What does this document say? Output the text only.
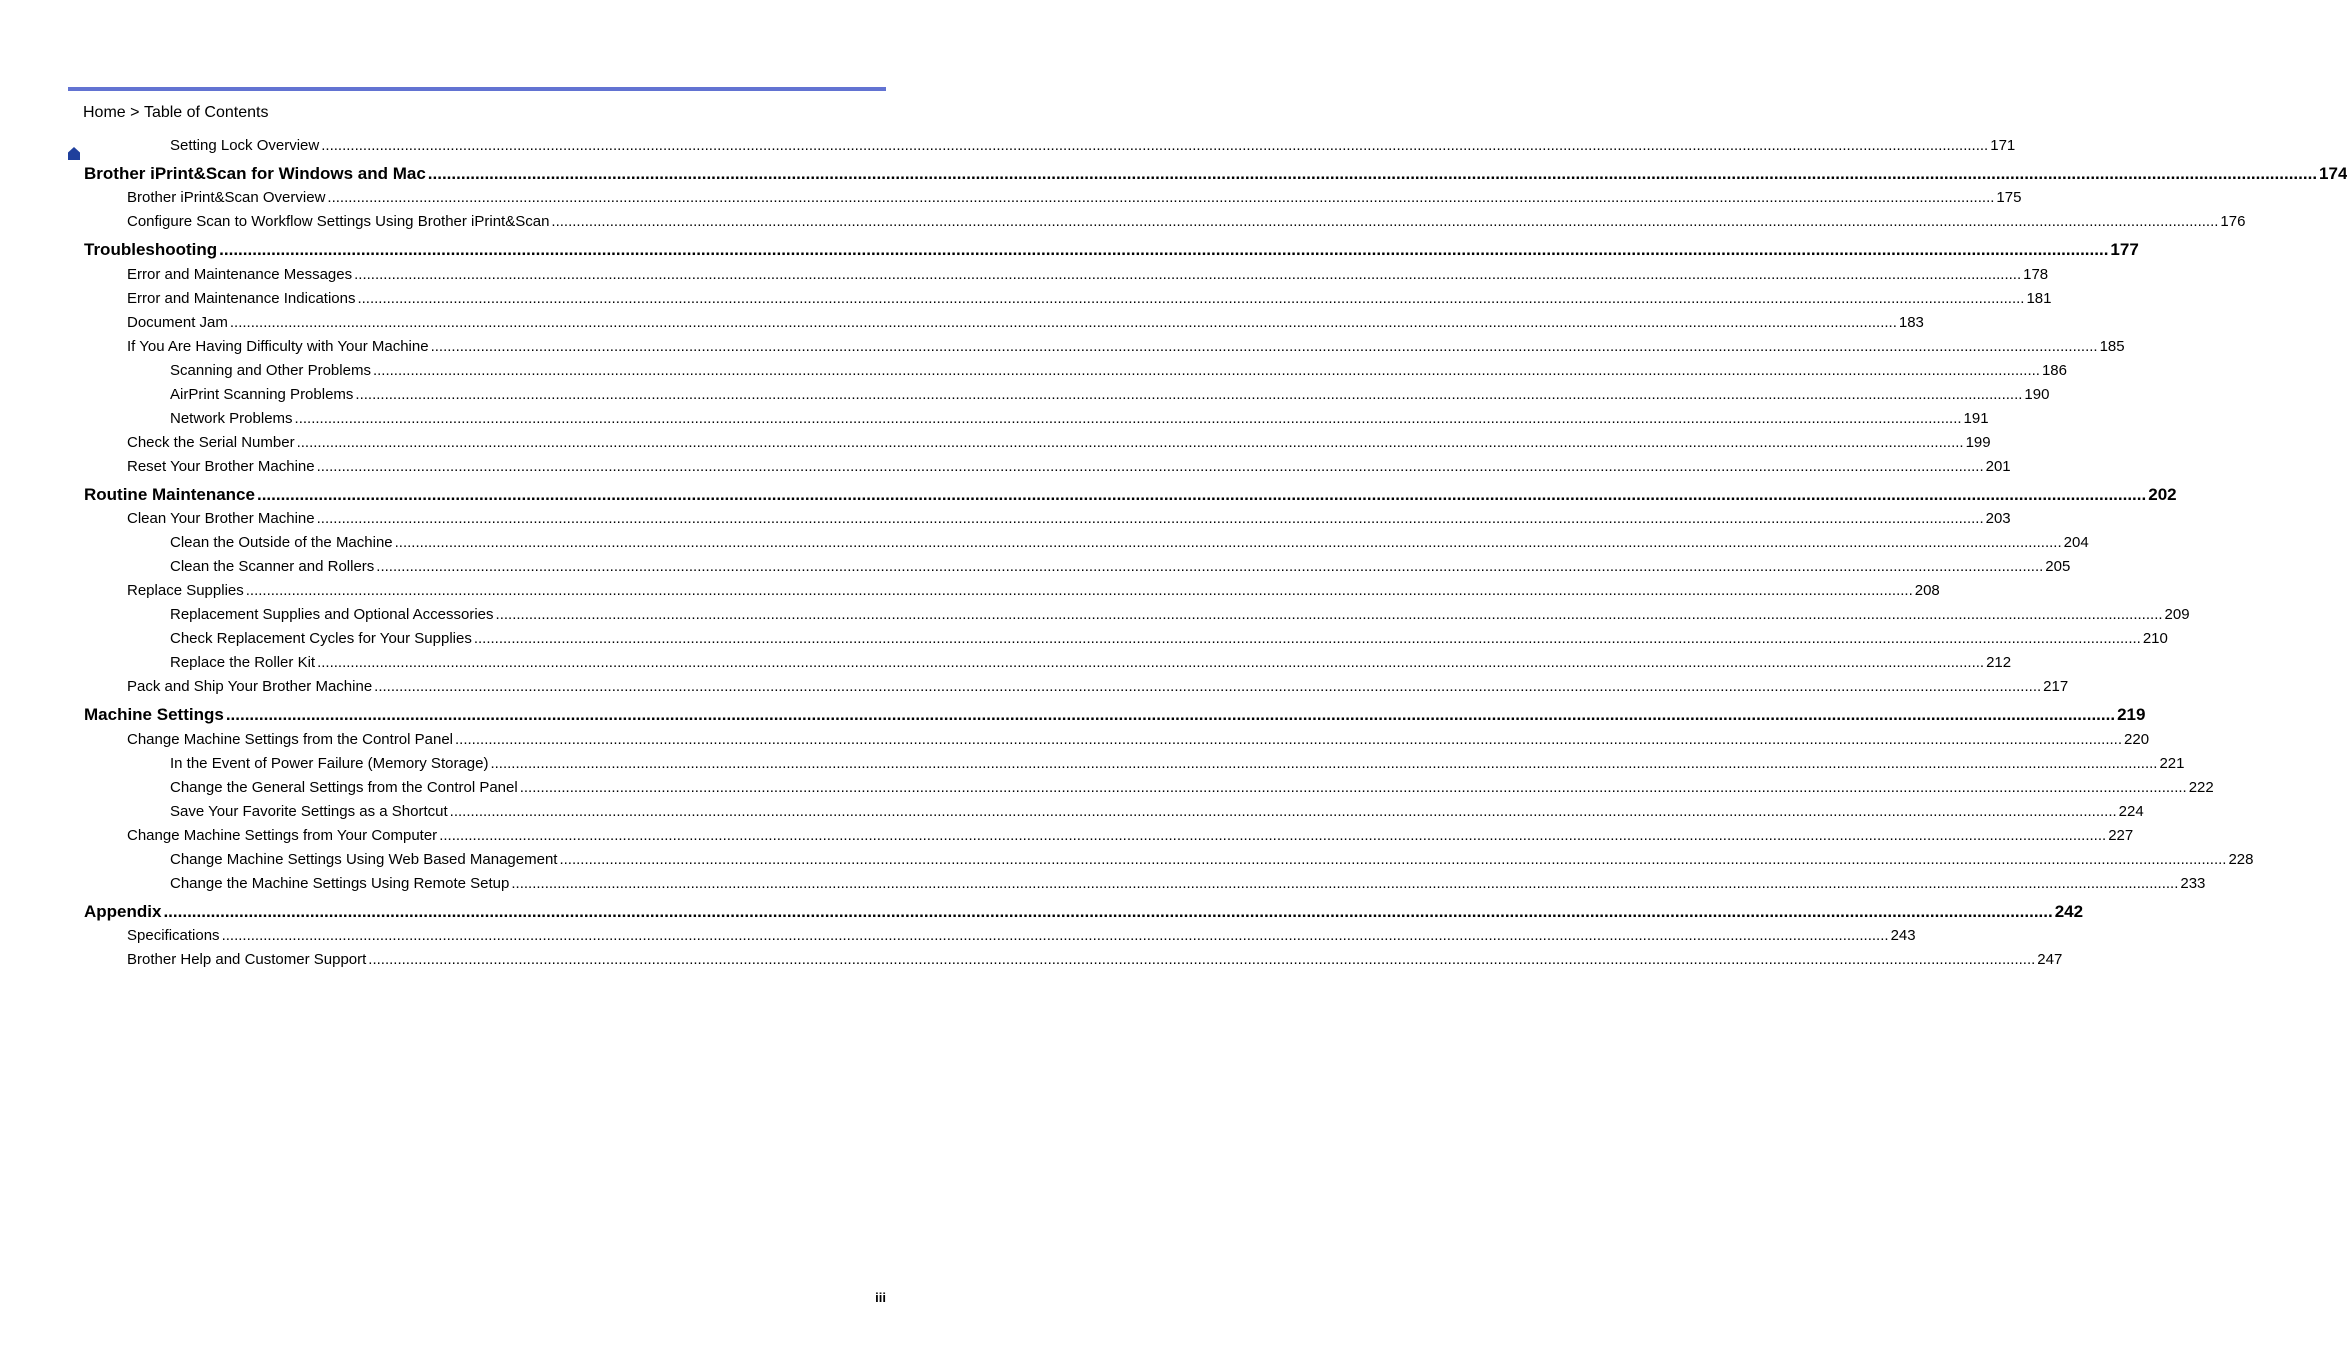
Home > Table of Contents
Setting Lock Overview ................................................................................................................................................................................................................................................................................................................................................................................................................ 171
Brother iPrint&Scan for Windows and Mac ................................................................................................................................................................................................................................................................................................................................................................................................................ 174
Brother iPrint&Scan Overview ................................................................................................................................................................................................................................................................................................................................................................................................................ 175
Configure Scan to Workflow Settings Using Brother iPrint&Scan ................................................................................................................................................................................................................................................................................................................................................................................................................ 176
Troubleshooting ................................................................................................................................................................................................................................................................................................................................................................................................................ 177
Error and Maintenance Messages ................................................................................................................................................................................................................................................................................................................................................................................................................ 178
Error and Maintenance Indications ................................................................................................................................................................................................................................................................................................................................................................................................................ 181
Document Jam ................................................................................................................................................................................................................................................................................................................................................................................................................ 183
If You Are Having Difficulty with Your Machine ................................................................................................................................................................................................................................................................................................................................................................................................................ 185
Scanning and Other Problems ................................................................................................................................................................................................................................................................................................................................................................................................................ 186
AirPrint Scanning Problems ................................................................................................................................................................................................................................................................................................................................................................................................................ 190
Network Problems ................................................................................................................................................................................................................................................................................................................................................................................................................ 191
Check the Serial Number ................................................................................................................................................................................................................................................................................................................................................................................................................ 199
Reset Your Brother Machine ................................................................................................................................................................................................................................................................................................................................................................................................................ 201
Routine Maintenance ................................................................................................................................................................................................................................................................................................................................................................................................................ 202
Clean Your Brother Machine ................................................................................................................................................................................................................................................................................................................................................................................................................ 203
Clean the Outside of the Machine ................................................................................................................................................................................................................................................................................................................................................................................................................ 204
Clean the Scanner and Rollers ................................................................................................................................................................................................................................................................................................................................................................................................................ 205
Replace Supplies ................................................................................................................................................................................................................................................................................................................................................................................................................ 208
Replacement Supplies and Optional Accessories ................................................................................................................................................................................................................................................................................................................................................................................................................ 209
Check Replacement Cycles for Your Supplies ................................................................................................................................................................................................................................................................................................................................................................................................................ 210
Replace the Roller Kit ................................................................................................................................................................................................................................................................................................................................................................................................................ 212
Pack and Ship Your Brother Machine ................................................................................................................................................................................................................................................................................................................................................................................................................ 217
Machine Settings ................................................................................................................................................................................................................................................................................................................................................................................................................ 219
Change Machine Settings from the Control Panel ................................................................................................................................................................................................................................................................................................................................................................................................................ 220
In the Event of Power Failure (Memory Storage) ................................................................................................................................................................................................................................................................................................................................................................................................................ 221
Change the General Settings from the Control Panel ................................................................................................................................................................................................................................................................................................................................................................................................................ 222
Save Your Favorite Settings as a Shortcut ................................................................................................................................................................................................................................................................................................................................................................................................................ 224
Change Machine Settings from Your Computer ................................................................................................................................................................................................................................................................................................................................................................................................................ 227
Change Machine Settings Using Web Based Management ................................................................................................................................................................................................................................................................................................................................................................................................................ 228
Change the Machine Settings Using Remote Setup ................................................................................................................................................................................................................................................................................................................................................................................................................ 233
Appendix ................................................................................................................................................................................................................................................................................................................................................................................................................ 242
Specifications ................................................................................................................................................................................................................................................................................................................................................................................................................ 243
Brother Help and Customer Support ................................................................................................................................................................................................................................................................................................................................................................................................................ 247
iii
